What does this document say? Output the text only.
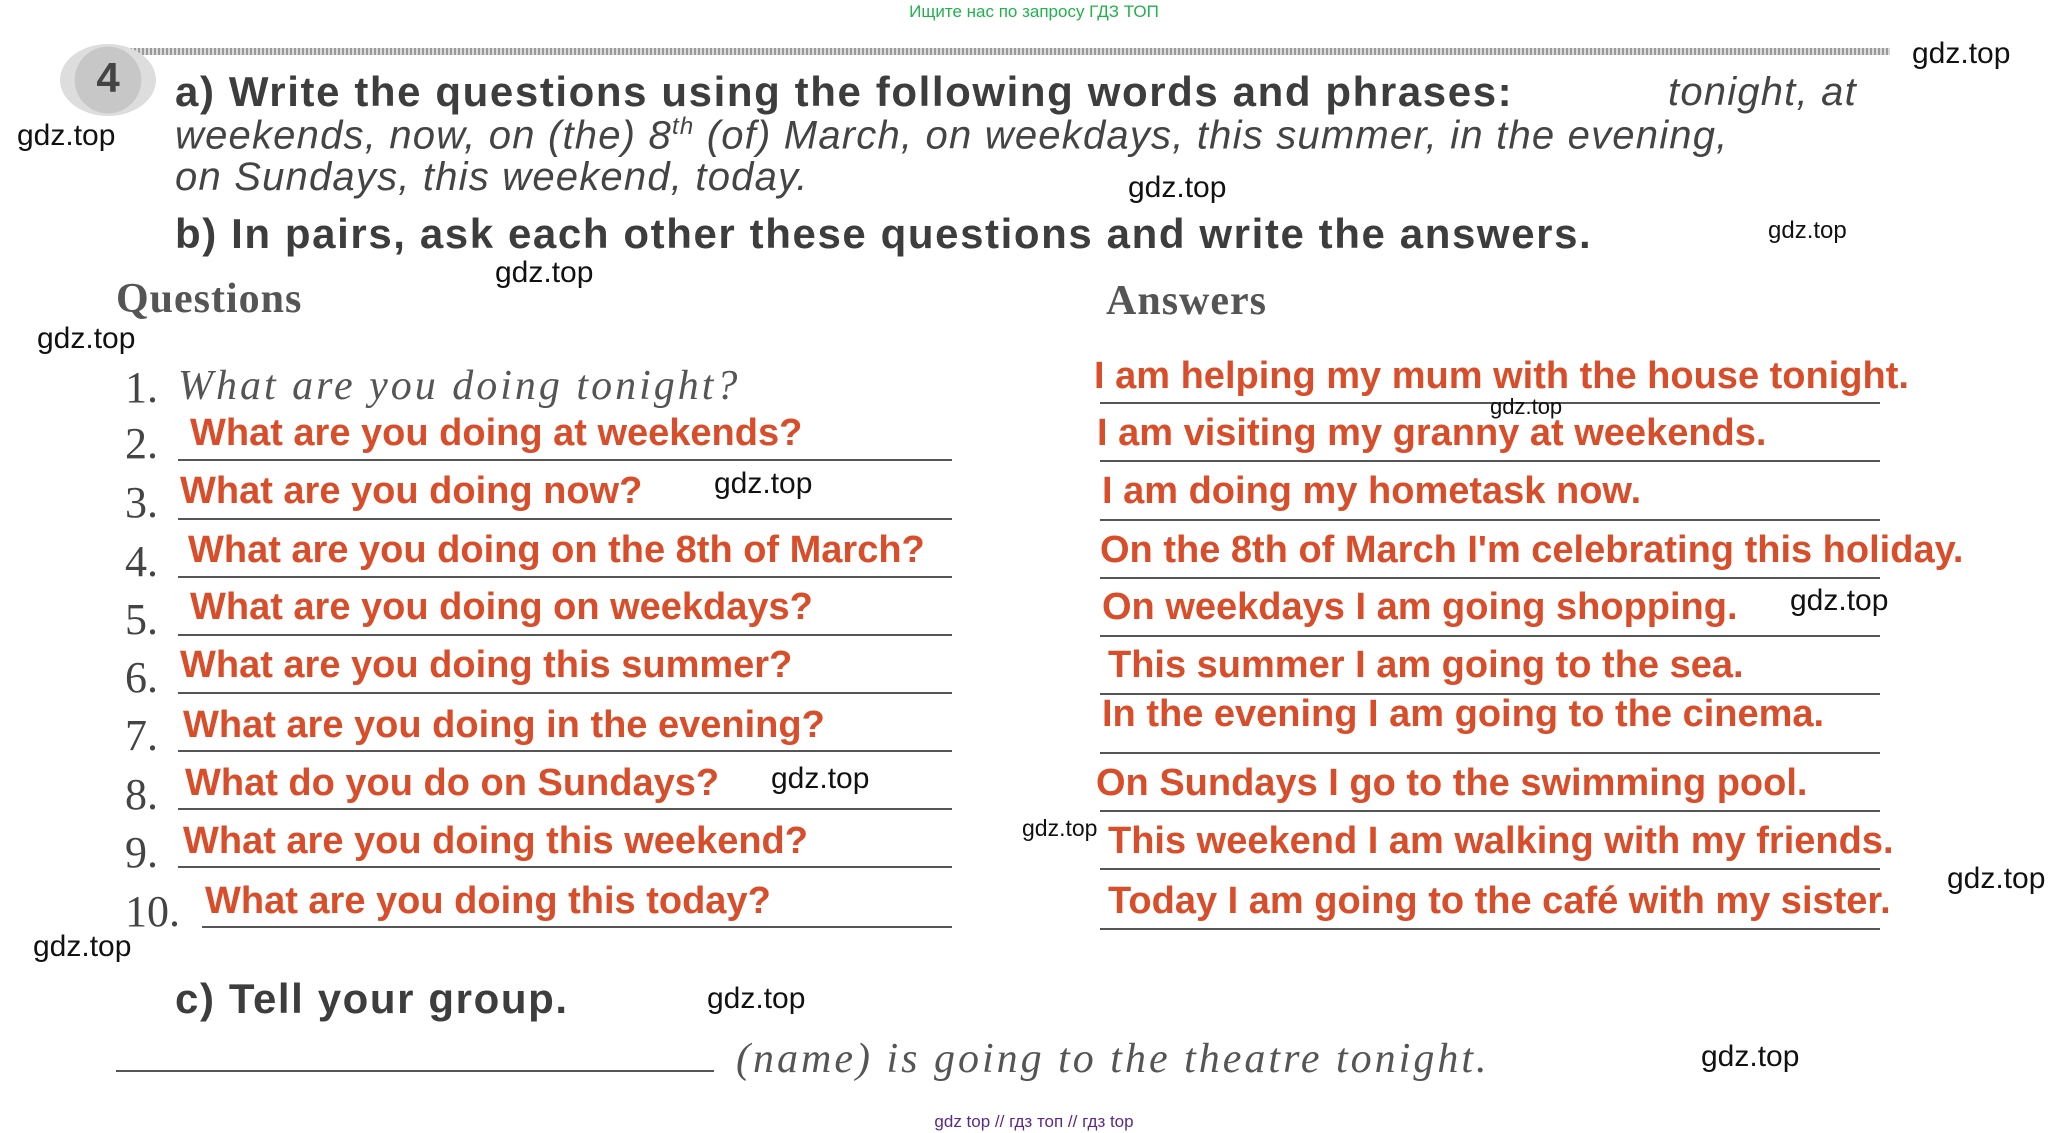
Ищите нас по запросу ГДЗ ТОП
4	a) Write the questions using the following words and phrases:	tonight, at
weekends, now, on (the) 8th (of) March, on weekdays, this summer, in the evening,
on Sundays, this weekend, today.
b) In pairs, ask each other these questions and write the answers.
Questions	Answers
1. What are you doing tonight?	I am helping my mum with the house tonight.
2. What are you doing at weekends?	I am visiting my granny at weekends.
3. What are you doing now?	I am doing my hometask now.
4. What are you doing on the 8th of March?	On the 8th of March I'm celebrating this holiday.
5. What are you doing on weekdays?	On weekdays I am going shopping.
6. What are you doing this summer?	This summer I am going to the sea.
7. What are you doing in the evening?	In the evening I am going to the cinema.
8. What do you do on Sundays?	On Sundays I go to the swimming pool.
9. What are you doing this weekend?	This weekend I am walking with my friends.
10. What are you doing this today?	Today I am going to the café with my sister.
c) Tell your group.
(name) is going to the theatre tonight.
gdz top // гдз топ // гдз top
gdz.top
gdz.top
gdz.top
gdz.top
gdz.top
gdz.top
gdz.top
gdz.top
gdz.top
gdz.top
gdz.top
gdz.top
gdz.top
gdz.top
gdz.top
